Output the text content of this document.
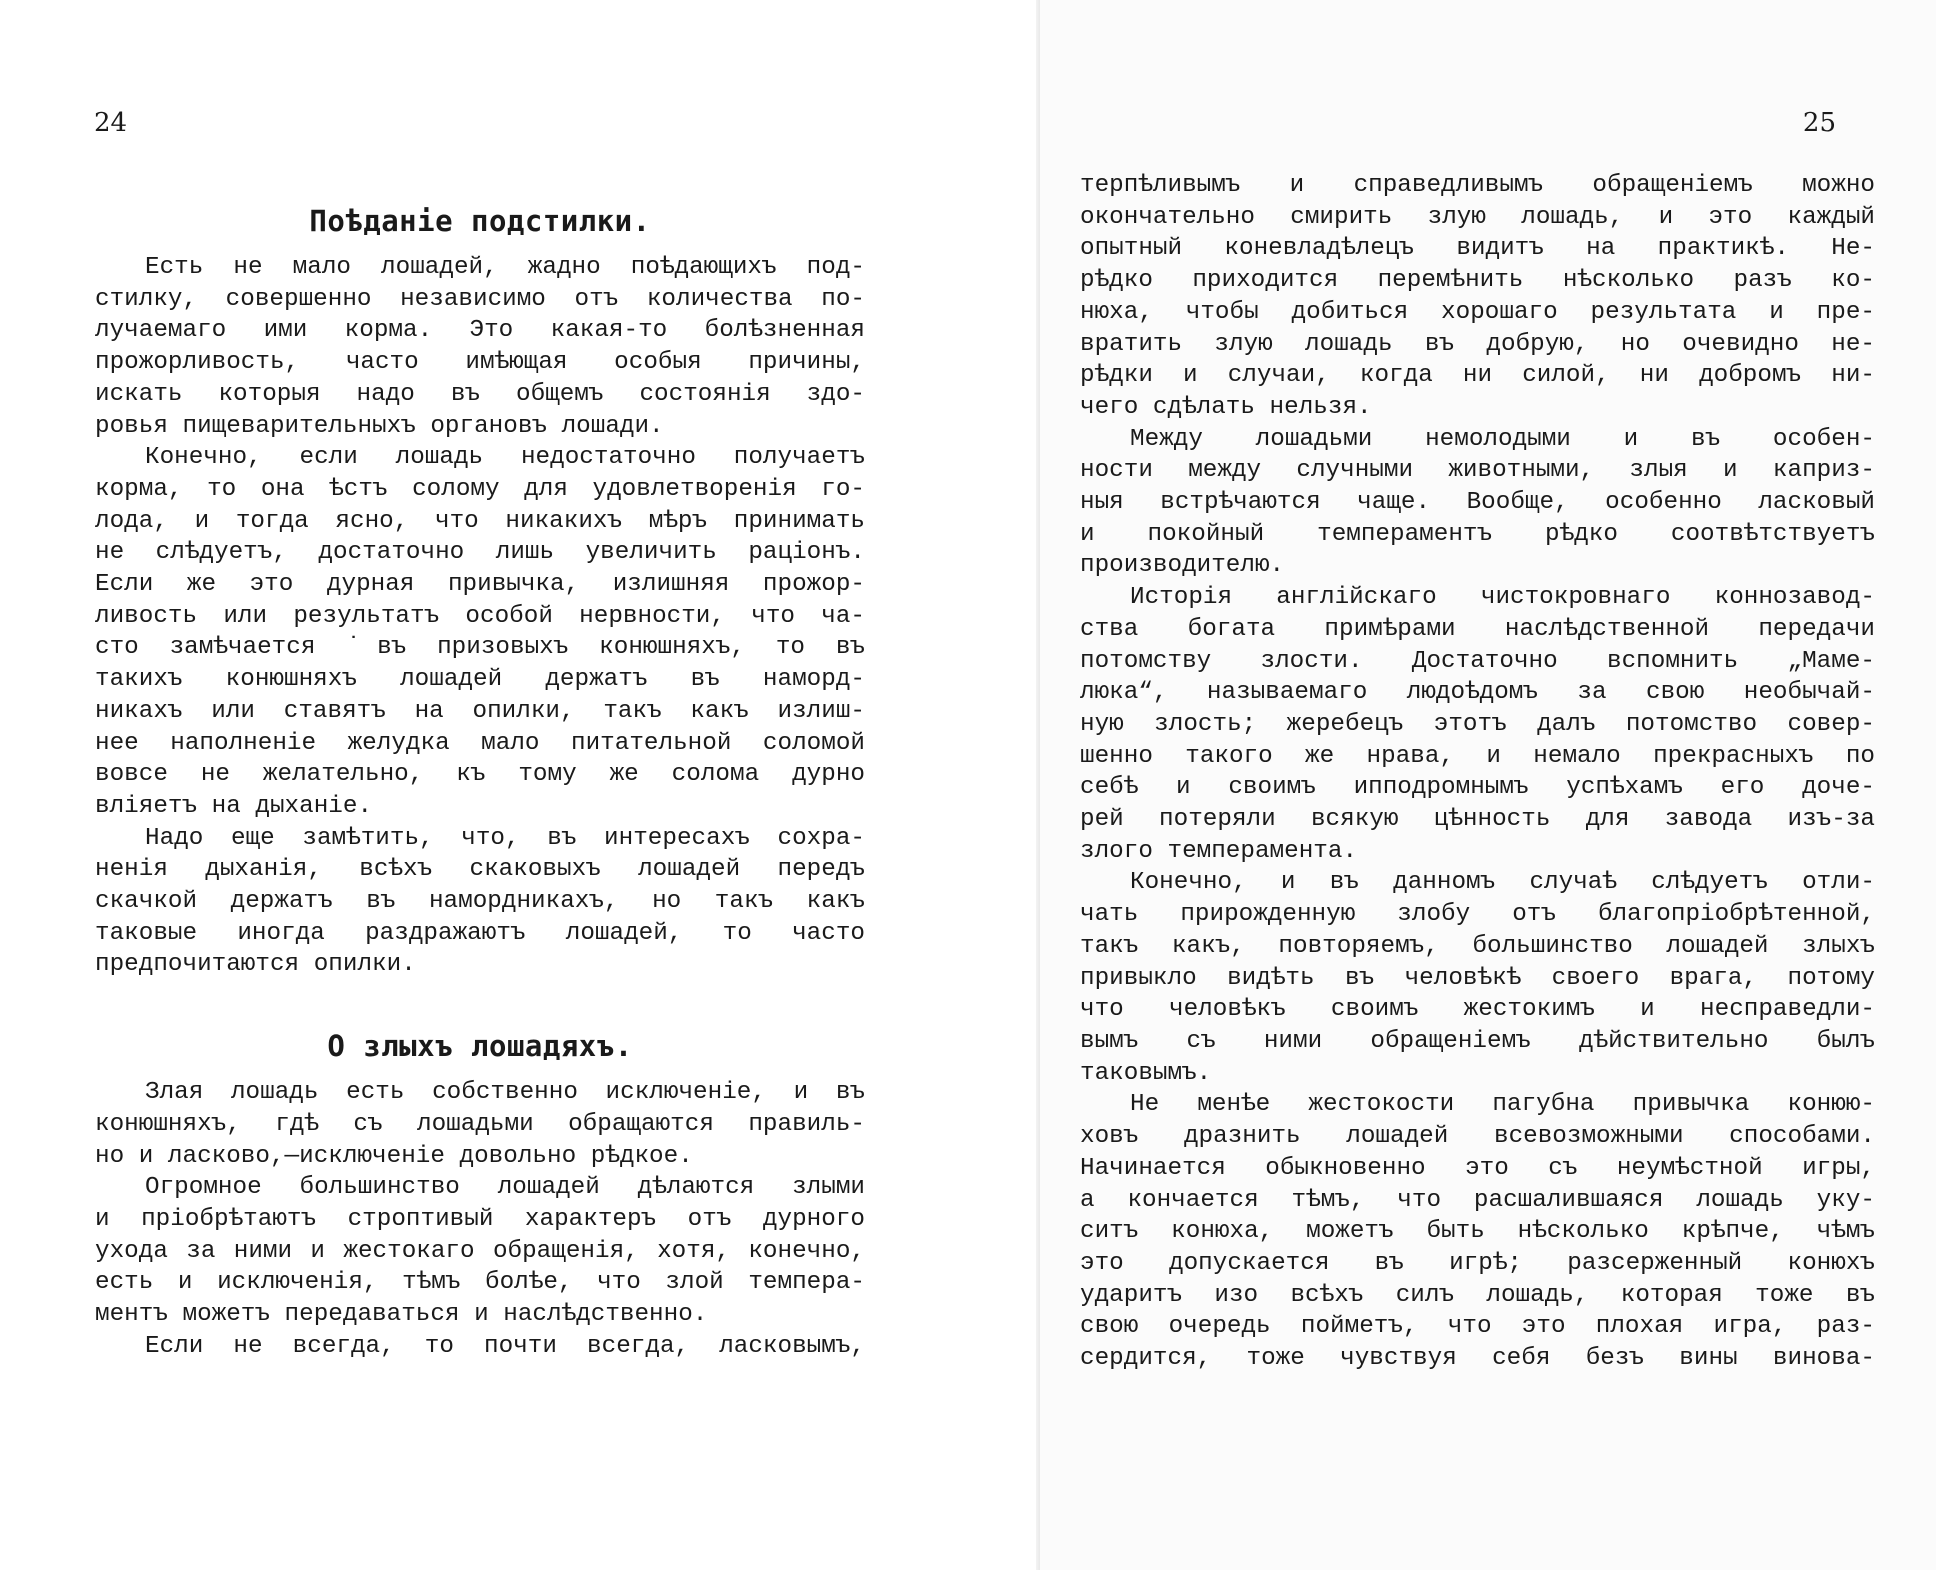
24
Поѣданіе подстилки.
Есть не мало лошадей, жадно поѣдающихъ под-
стилку, совершенно независимо отъ количества по-
лучаемаго ими корма. Это какая-то болѣзненная
прожорливость, часто имѣющая особыя причины,
искать которыя надо въ общемъ состоянія здо-
ровья пищеварительныхъ органовъ лошади.
Конечно, если лошадь недостаточно получаетъ
корма, то она ѣстъ солому для удовлетворенія го-
лода, и тогда ясно, что никакихъ мѣръ принимать
не слѣдуетъ, достаточно лишь увеличить раціонъ.
Если же это дурная привычка, излишняя прожор-
ливость или результатъ особой нервности, что ча-
сто замѣчается ˙въ призовыхъ конюшняхъ, то въ
такихъ конюшняхъ лошадей держатъ въ наморд-
никахъ или ставятъ на опилки, такъ какъ излиш-
нее наполненіе желудка мало питательной соломой
вовсе не желательно, къ тому же солома дурно
вліяетъ на дыханіе.
Надо еще замѣтить, что, въ интересахъ сохра-
ненія дыханія, всѣхъ скаковыхъ лошадей передъ
скачкой держатъ въ намордникахъ, но такъ какъ
таковые иногда раздражаютъ лошадей, то часто
предпочитаются опилки.
О злыхъ лошадяхъ.
Злая лошадь есть собственно исключеніе, и въ
конюшняхъ, гдѣ съ лошадьми обращаются правиль-
но и ласково,—исключеніе довольно рѣдкое.
Огромное большинство лошадей дѣлаются злыми
и пріобрѣтаютъ строптивый характеръ отъ дурного
ухода за ними и жестокаго обращенія, хотя, конечно,
есть и исключенія, тѣмъ болѣе, что злой темпера-
ментъ можетъ передаваться и наслѣдственно.
Если не всегда, то почти всегда, ласковымъ,
25
терпѣливымъ и справедливымъ обращеніемъ можно
окончательно смирить злую лошадь, и это каждый
опытный коневладѣлецъ видитъ на практикѣ. Не-
рѣдко приходится перемѣнить нѣсколько разъ ко-
нюха, чтобы добиться хорошаго результата и пре-
вратить злую лошадь въ добрую, но очевидно не-
рѣдки и случаи, когда ни силой, ни добромъ ни-
чего сдѣлать нельзя.
Между лошадьми немолодыми и въ особен-
ности между случными животными, злыя и каприз-
ныя встрѣчаются чаще. Вообще, особенно ласковый
и покойный темпераментъ рѣдко соотвѣтствуетъ
производителю.
Исторія англійскаго чистокровнаго коннозавод-
ства богата примѣрами наслѣдственной передачи
потомству злости. Достаточно вспомнить „Маме-
люка“, называемаго людоѣдомъ за свою необычай-
ную злость; жеребецъ этотъ далъ потомство совер-
шенно такого же нрава, и немало прекрасныхъ по
себѣ и своимъ ипподромнымъ успѣхамъ его доче-
рей потеряли всякую цѣнность для завода изъ-за
злого темперамента.
Конечно, и въ данномъ случаѣ слѣдуетъ отли-
чать прирожденную злобу отъ благопріобрѣтенной,
такъ какъ, повторяемъ, большинство лошадей злыхъ
привыкло видѣть въ человѣкѣ своего врага, потому
что человѣкъ своимъ жестокимъ и несправедли-
вымъ съ ними обращеніемъ дѣйствительно былъ
таковымъ.
Не менѣе жестокости пагубна привычка конюю-
ховъ дразнить лошадей всевозможными способами.
Начинается обыкновенно это съ неумѣстной игры,
а кончается тѣмъ, что расшалившаяся лошадь уку-
ситъ конюха, можетъ быть нѣсколько крѣпче, чѣмъ
это допускается въ игрѣ; разсерженный конюхъ
ударитъ изо всѣхъ силъ лошадь, которая тоже въ
свою очередь пойметъ, что это плохая игра, раз-
сердится, тоже чувствуя себя безъ вины винова-
